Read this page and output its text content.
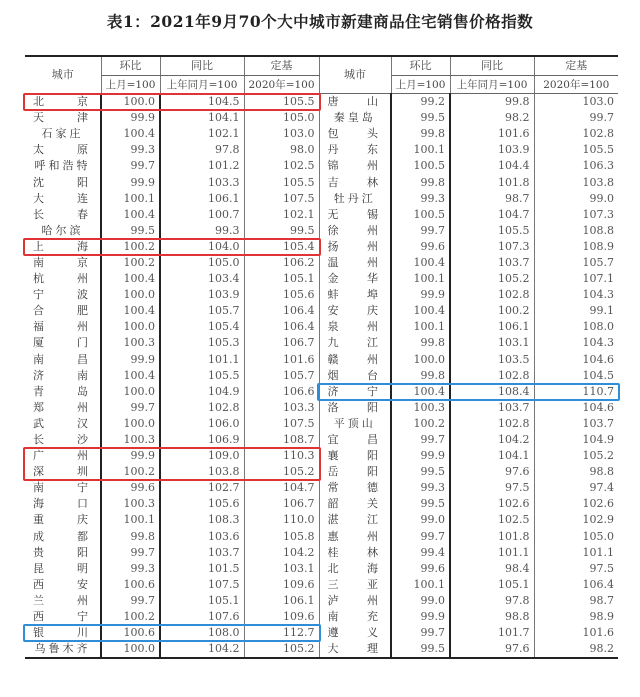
表1：2021年9月70个大中城市新建商品住宅销售价格指数
城市	环比	同比	定基	城市	环比	同比	定基
	上月=100	上年同月=100	2020年=100		上月=100	上年同月=100	2020年=100

北 京	100.0	104.5	105.5	唐 山	99.2	99.8	103.0

天 津	99.9	104.1	105.0	秦皇岛	99.5	98.2	99.7

石家庄	100.4	102.1	103.0	包 头	99.8	101.6	102.8

太 原	99.3	97.8	98.0	丹 东	100.1	103.9	105.5

呼和浩特	99.7	101.2	102.5	锦 州	100.5	104.4	106.3

沈 阳	99.9	103.3	105.5	吉 林	99.8	101.8	103.8

大 连	100.1	106.1	107.5	牡丹江	99.3	98.7	99.0

长 春	100.4	100.7	102.1	无 锡	100.5	104.7	107.3

哈尔滨	99.5	99.3	99.5	徐 州	99.7	105.5	108.8

上 海	100.2	104.0	105.4	扬 州	99.6	107.3	108.9

南 京	100.2	105.0	106.2	温 州	100.4	103.7	105.7

杭 州	100.4	103.4	105.1	金 华	100.1	105.2	107.1

宁 波	100.0	103.9	105.6	蚌 埠	99.9	102.8	104.3

合 肥	100.4	105.7	106.4	安 庆	100.4	100.2	99.1

福 州	100.0	105.4	106.4	泉 州	100.1	106.1	108.0

厦 门	100.3	105.3	106.7	九 江	99.8	103.1	104.3

南 昌	99.9	101.1	101.6	赣 州	100.0	103.5	104.6

济 南	100.4	105.5	105.7	烟 台	99.8	102.8	104.5

青 岛	100.0	104.9	106.6	济 宁	100.4	108.4	110.7

郑 州	99.7	102.8	103.3	洛 阳	100.3	103.7	104.6

武 汉	100.0	106.0	107.5	平顶山	100.2	102.8	103.7

长 沙	100.3	106.9	108.7	宜 昌	99.7	104.2	104.9

广 州	99.9	109.0	110.3	襄 阳	99.9	104.1	105.2

深 圳	100.2	103.8	105.2	岳 阳	99.5	97.6	98.8

南 宁	99.6	102.7	104.7	常 德	99.3	97.5	97.4

海 口	100.3	105.6	106.7	韶 关	99.5	102.6	102.6

重 庆	100.1	108.3	110.0	湛 江	99.0	102.5	102.9

成 都	99.8	103.6	105.8	惠 州	99.7	101.8	105.0

贵 阳	99.7	103.7	104.2	桂 林	99.4	101.1	101.1

昆 明	99.3	101.5	103.1	北 海	99.6	98.4	97.5

西 安	100.6	107.5	109.6	三 亚	100.1	105.1	106.4

兰 州	99.7	105.1	106.1	泸 州	99.0	97.8	98.7

西 宁	100.2	107.6	109.6	南 充	99.9	98.8	98.9

银 川	100.6	108.0	112.7	遵 义	99.7	101.7	101.6

乌鲁木齐	100.0	104.2	105.2	大 理	99.5	97.6	98.2
